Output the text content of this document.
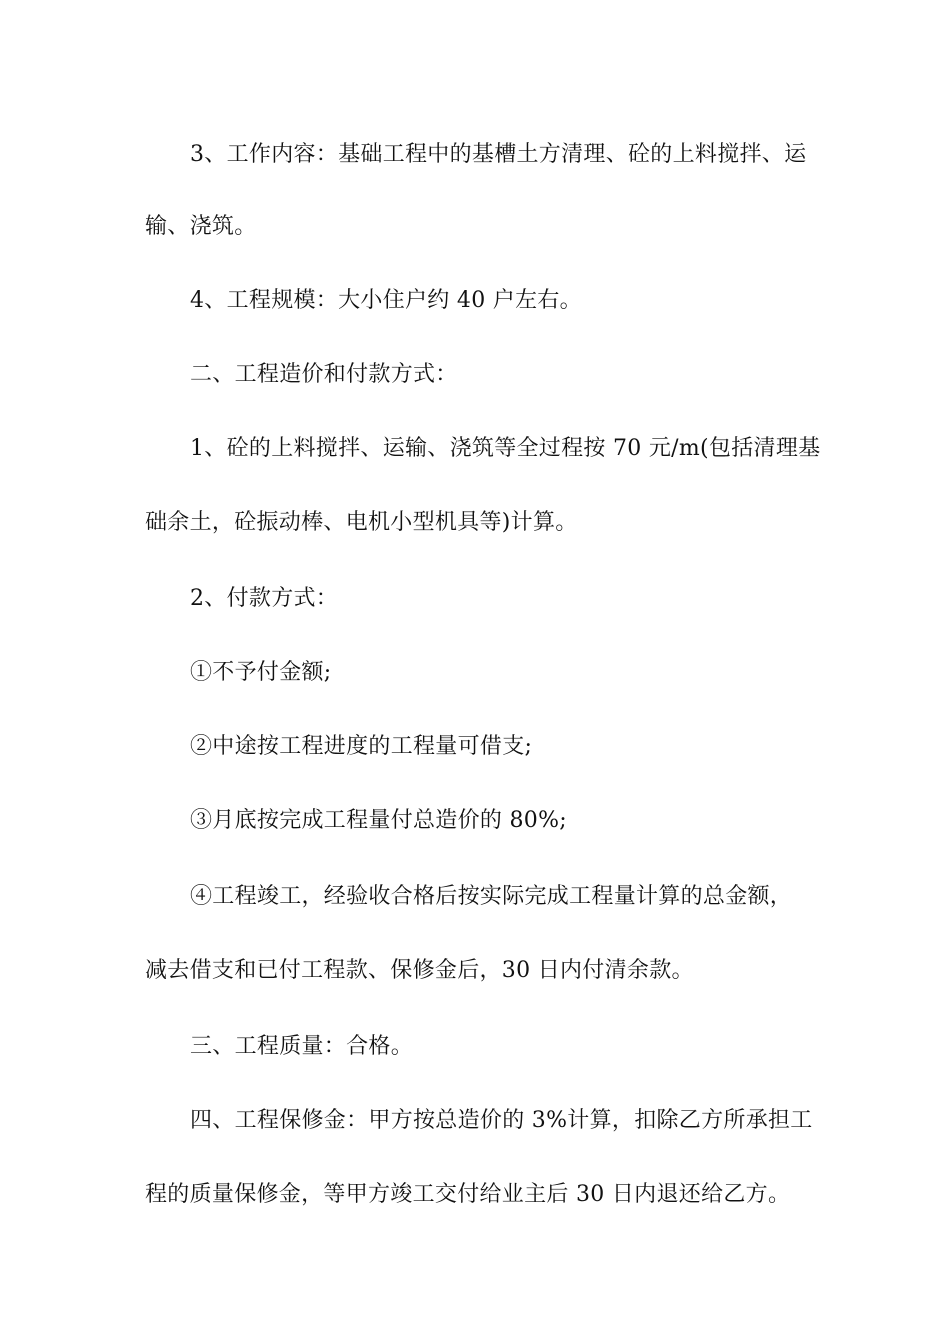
3、工作内容：基础工程中的基槽土方清理、砼的上料搅拌、运
输、浇筑。
4、工程规模：大小住户约 40 户左右。
二、工程造价和付款方式：
1、砼的上料搅拌、运输、浇筑等全过程按 70 元/m(包括清理基
础余土，砼振动棒、电机小型机具等)计算。
2、付款方式：
①不予付金额;
②中途按工程进度的工程量可借支;
③月底按完成工程量付总造价的 80%;
④工程竣工，经验收合格后按实际完成工程量计算的总金额，
减去借支和已付工程款、保修金后，30 日内付清余款。
三、工程质量：合格。
四、工程保修金：甲方按总造价的 3%计算，扣除乙方所承担工
程的质量保修金，等甲方竣工交付给业主后 30 日内退还给乙方。
